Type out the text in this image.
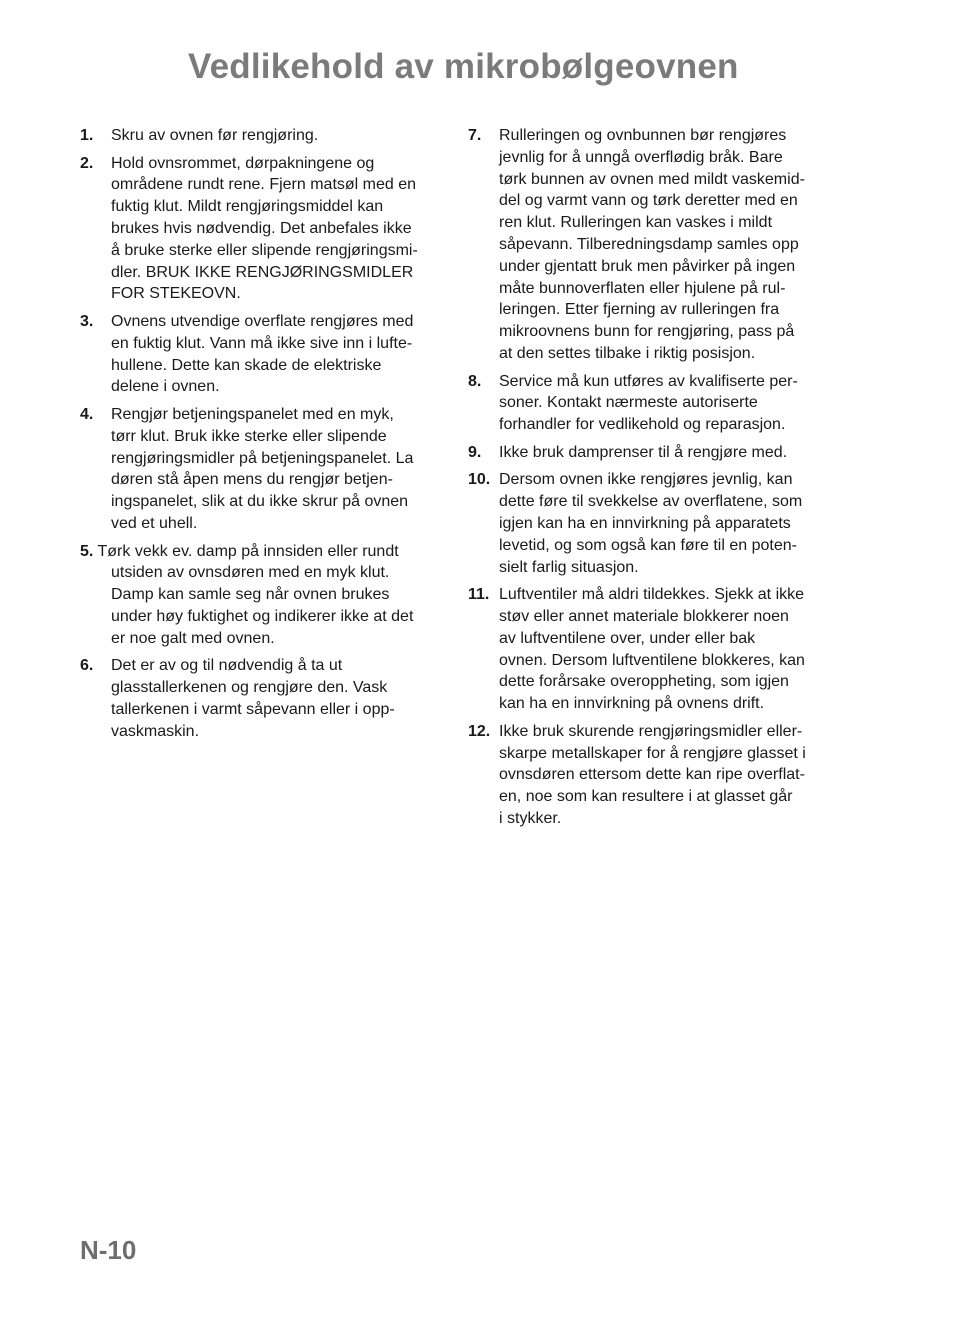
Vedlikehold av mikrobølgeovnen
1. Skru av ovnen før rengjøring.
2. Hold ovnsrommet, dørpakningene og
områdene rundt rene. Fjern matsøl med en
fuktig klut. Mildt rengjøringsmiddel kan
brukes hvis nødvendig. Det anbefales ikke
å bruke sterke eller slipende rengjøringsmi-
dler. BRUK IKKE RENGJØRINGSMIDLER
FOR STEKEOVN.
3. Ovnens utvendige overflate rengjøres med
en fuktig klut. Vann må ikke sive inn i lufte-
hullene. Dette kan skade de elektriske
delene i ovnen.
4. Rengjør betjeningspanelet med en myk,
tørr klut. Bruk ikke sterke eller slipende
rengjøringsmidler på betjeningspanelet. La
døren stå åpen mens du rengjør betjen-
ingspanelet, slik at du ikke skrur på ovnen
ved et uhell.
5. Tørk vekk ev. damp på innsiden eller rundt
utsiden av ovnsdøren med en myk klut.
Damp kan samle seg når ovnen brukes
under høy fuktighet og indikerer ikke at det
er noe galt med ovnen.
6. Det er av og til nødvendig å ta ut
glasstallerkenen og rengjøre den. Vask
tallerkenen i varmt såpevann eller i opp-
vaskmaskin.
7. Rulleringen og ovnbunnen bør rengjøres
jevnlig for å unngå overflødig bråk. Bare
tørk bunnen av ovnen med mildt vaskemid-
del og varmt vann og tørk deretter med en
ren klut. Rulleringen kan vaskes i mildt
såpevann. Tilberedningsdamp samles opp
under gjentatt bruk men påvirker på ingen
måte bunnoverflaten eller hjulene på rul-
leringen. Etter fjerning av rulleringen fra
mikroovnens bunn for rengjøring, pass på
at den settes tilbake i riktig posisjon.
8. Service må kun utføres av kvalifiserte per-
soner. Kontakt nærmeste autoriserte
forhandler for vedlikehold og reparasjon.
9. Ikke bruk damprenser til å rengjøre med.
10. Dersom ovnen ikke rengjøres jevnlig, kan
dette føre til svekkelse av overflatene, som
igjen kan ha en innvirkning på apparatets
levetid, og som også kan føre til en poten-
sielt farlig situasjon.
11. Luftventiler må aldri tildekkes. Sjekk at ikke
støv eller annet materiale blokkerer noen
av luftventilene over, under eller bak
ovnen. Dersom luftventilene blokkeres, kan
dette forårsake overoppheting, som igjen
kan ha en innvirkning på ovnens drift.
12. Ikke bruk skurende rengjøringsmidler eller-
skarpe metallskaper for å rengjøre glasset i
ovnsdøren ettersom dette kan ripe overflat-
en, noe som kan resultere i at glasset går
i stykker.
N-10
